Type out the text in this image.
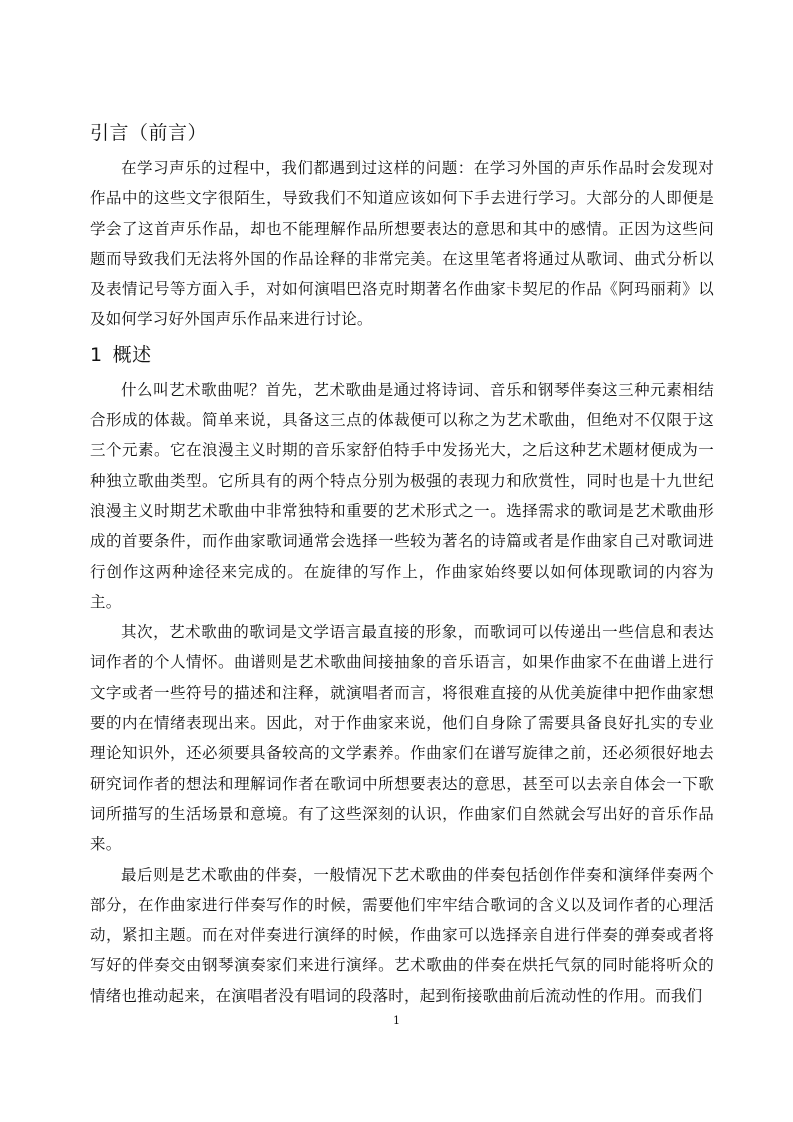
引言（前言）

在学习声乐的过程中，我们都遇到过这样的问题：在学习外国的声乐作品时会发现对作品中的这些文字很陌生，导致我们不知道应该如何下手去进行学习。大部分的人即便是学会了这首声乐作品，却也不能理解作品所想要表达的意思和其中的感情。正因为这些问题而导致我们无法将外国的作品诠释的非常完美。在这里笔者将通过从歌词、曲式分析以及表情记号等方面入手，对如何演唱巴洛克时期著名作曲家卡契尼的作品《阿玛丽莉》以及如何学习好外国声乐作品来进行讨论。

1 概述

什么叫艺术歌曲呢？首先，艺术歌曲是通过将诗词、音乐和钢琴伴奏这三种元素相结合形成的体裁。简单来说，具备这三点的体裁便可以称之为艺术歌曲，但绝对不仅限于这三个元素。它在浪漫主义时期的音乐家舒伯特手中发扬光大，之后这种艺术题材便成为一种独立歌曲类型。它所具有的两个特点分别为极强的表现力和欣赏性，同时也是十九世纪浪漫主义时期艺术歌曲中非常独特和重要的艺术形式之一。选择需求的歌词是艺术歌曲形成的首要条件，而作曲家歌词通常会选择一些较为著名的诗篇或者是作曲家自己对歌词进行创作这两种途径来完成的。在旋律的写作上，作曲家始终要以如何体现歌词的内容为主。

其次，艺术歌曲的歌词是文学语言最直接的形象，而歌词可以传递出一些信息和表达词作者的个人情怀。曲谱则是艺术歌曲间接抽象的音乐语言，如果作曲家不在曲谱上进行文字或者一些符号的描述和注释，就演唱者而言，将很难直接的从优美旋律中把作曲家想要的内在情绪表现出来。因此，对于作曲家来说，他们自身除了需要具备良好扎实的专业理论知识外，还必须要具备较高的文学素养。作曲家们在谱写旋律之前，还必须很好地去研究词作者的想法和理解词作者在歌词中所想要表达的意思，甚至可以去亲自体会一下歌词所描写的生活场景和意境。有了这些深刻的认识，作曲家们自然就会写出好的音乐作品来。

最后则是艺术歌曲的伴奏，一般情况下艺术歌曲的伴奏包括创作伴奏和演绎伴奏两个部分，在作曲家进行伴奏写作的时候，需要他们牢牢结合歌词的含义以及词作者的心理活动，紧扣主题。而在对伴奏进行演绎的时候，作曲家可以选择亲自进行伴奏的弹奏或者将写好的伴奏交由钢琴演奏家们来进行演绎。艺术歌曲的伴奏在烘托气氛的同时能将听众的情绪也推动起来，在演唱者没有唱词的段落时，起到衔接歌曲前后流动性的作用。而我们

1
